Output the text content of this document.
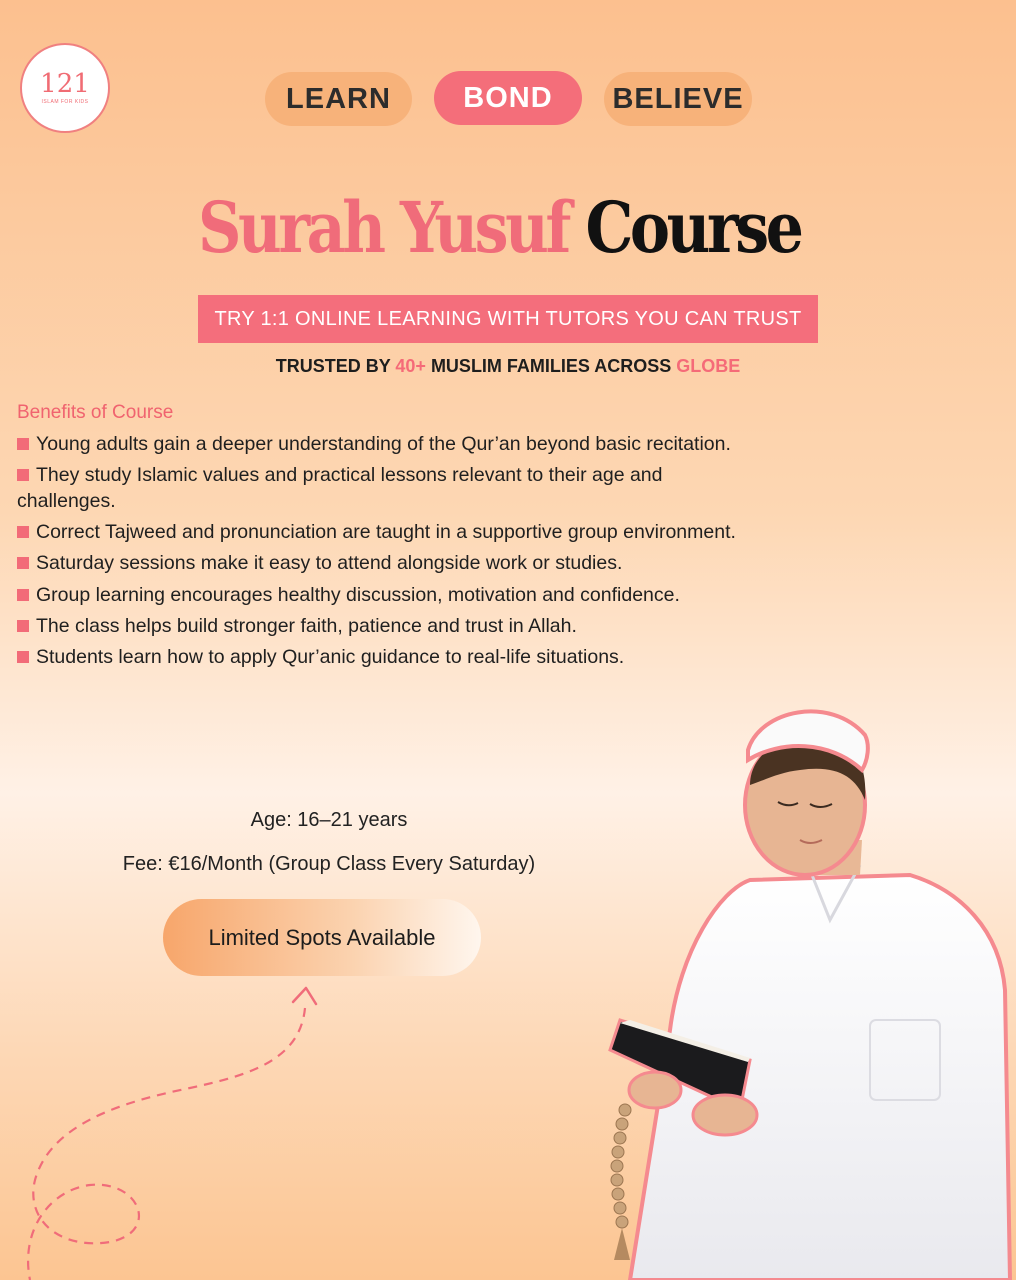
121
ISLAM FOR KIDS	LEARN	BOND	BELIEVE
Surah Yusuf Course
TRY 1:1 ONLINE LEARNING WITH TUTORS YOU CAN TRUST
TRUSTED BY 40+ MUSLIM FAMILIES ACROSS GLOBE
Benefits of Course
Young adults gain a deeper understanding of the Qur’an beyond basic recitation.
They study Islamic values and practical lessons relevant to their age and challenges.
Correct Tajweed and pronunciation are taught in a supportive group environment.
Saturday sessions make it easy to attend alongside work or studies.
Group learning encourages healthy discussion, motivation and confidence.
The class helps build stronger faith, patience and trust in Allah.
Students learn how to apply Qur’anic guidance to real-life situations.
Age: 16–21 years
Fee: €16/Month (Group Class Every Saturday)
Limited Spots Available
